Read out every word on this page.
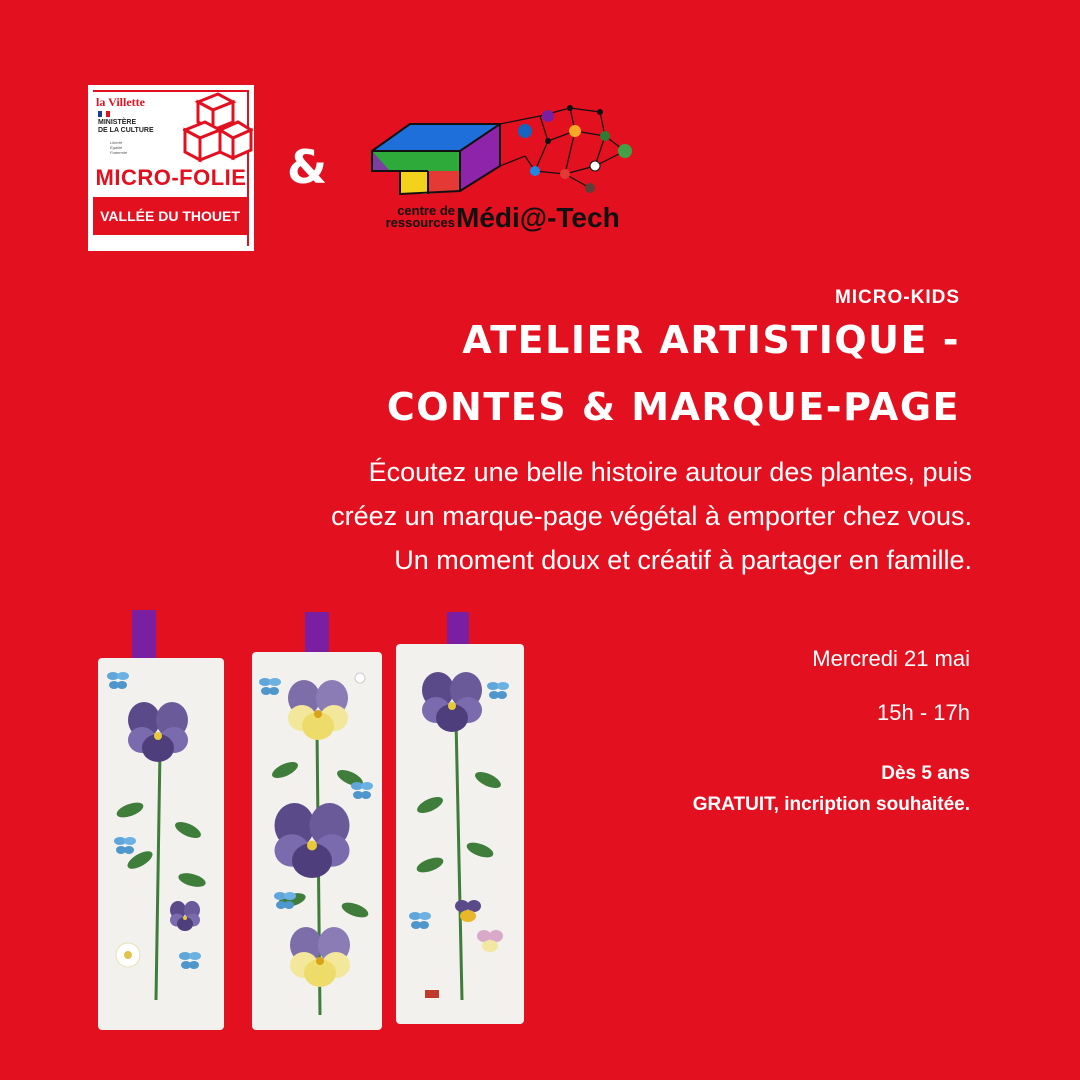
la Villette
MINISTÈRE
DE LA CULTURE
Liberté
Égalité
Fraternité
MICRO-FOLIE
VALLÉE DU THOUET
&
centre de ressources Médi@-Tech
MICRO-KIDS
ATELIER ARTISTIQUE -
CONTES & MARQUE-PAGE
Écoutez une belle histoire autour des plantes, puis
créez un marque-page végétal à emporter chez vous.
Un moment doux et créatif à partager en famille.
Mercredi 21 mai
15h - 17h
Dès 5 ans
GRATUIT, incription souhaitée.
